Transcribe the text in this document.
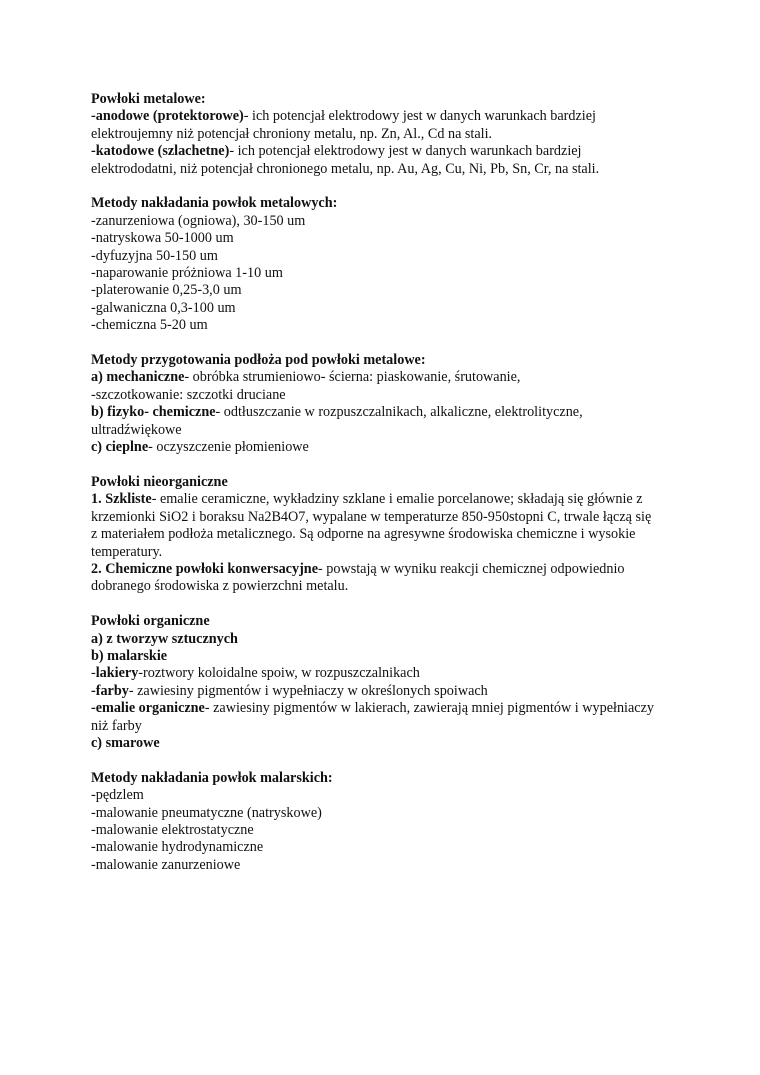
Powłoki metalowe:
-anodowe (protektorowe)- ich potencjał elektrodowy jest w danych warunkach bardziej
elektroujemny niż potencjał chroniony metalu, np. Zn, Al., Cd na stali.
-katodowe (szlachetne)- ich potencjał elektrodowy jest w danych warunkach bardziej
elektrododatni, niż potencjał chronionego metalu, np. Au, Ag, Cu, Ni, Pb, Sn, Cr, na stali.
Metody nakładania powłok metalowych:
-zanurzeniowa (ogniowa), 30-150 um
-natryskowa 50-1000 um
-dyfuzyjna 50-150 um
-naparowanie próżniowa 1-10 um
-platerowanie 0,25-3,0 um
-galwaniczna 0,3-100 um
-chemiczna 5-20 um
Metody przygotowania podłoża pod powłoki metalowe:
a) mechaniczne- obróbka strumieniowo- ścierna: piaskowanie, śrutowanie,
-szczotkowanie: szczotki druciane
b) fizyko- chemiczne- odtłuszczanie w rozpuszczalnikach, alkaliczne, elektrolityczne,
ultradźwiękowe
c) cieplne- oczyszczenie płomieniowe
Powłoki nieorganiczne
1. Szkliste- emalie ceramiczne, wykładziny szklane i emalie porcelanowe; składają się głównie z
krzemionki SiO2 i boraksu Na2B4O7, wypalane w temperaturze 850-950stopni C, trwale łączą się
z materiałem podłoża metalicznego. Są odporne na agresywne środowiska chemiczne i wysokie
temperatury.
2. Chemiczne powłoki konwersacyjne- powstają w wyniku reakcji chemicznej odpowiednio
dobranego środowiska z powierzchni metalu.
Powłoki organiczne
a) z tworzyw sztucznych
b) malarskie
-lakiery-roztwory koloidalne spoiw, w rozpuszczalnikach
-farby- zawiesiny pigmentów i wypełniaczy w określonych spoiwach
-emalie organiczne- zawiesiny pigmentów w lakierach, zawierają mniej pigmentów i wypełniaczy
niż farby
c) smarowe
Metody nakładania powłok malarskich:
-pędzlem
-malowanie pneumatyczne (natryskowe)
-malowanie elektrostatyczne
-malowanie hydrodynamiczne
-malowanie zanurzeniowe
